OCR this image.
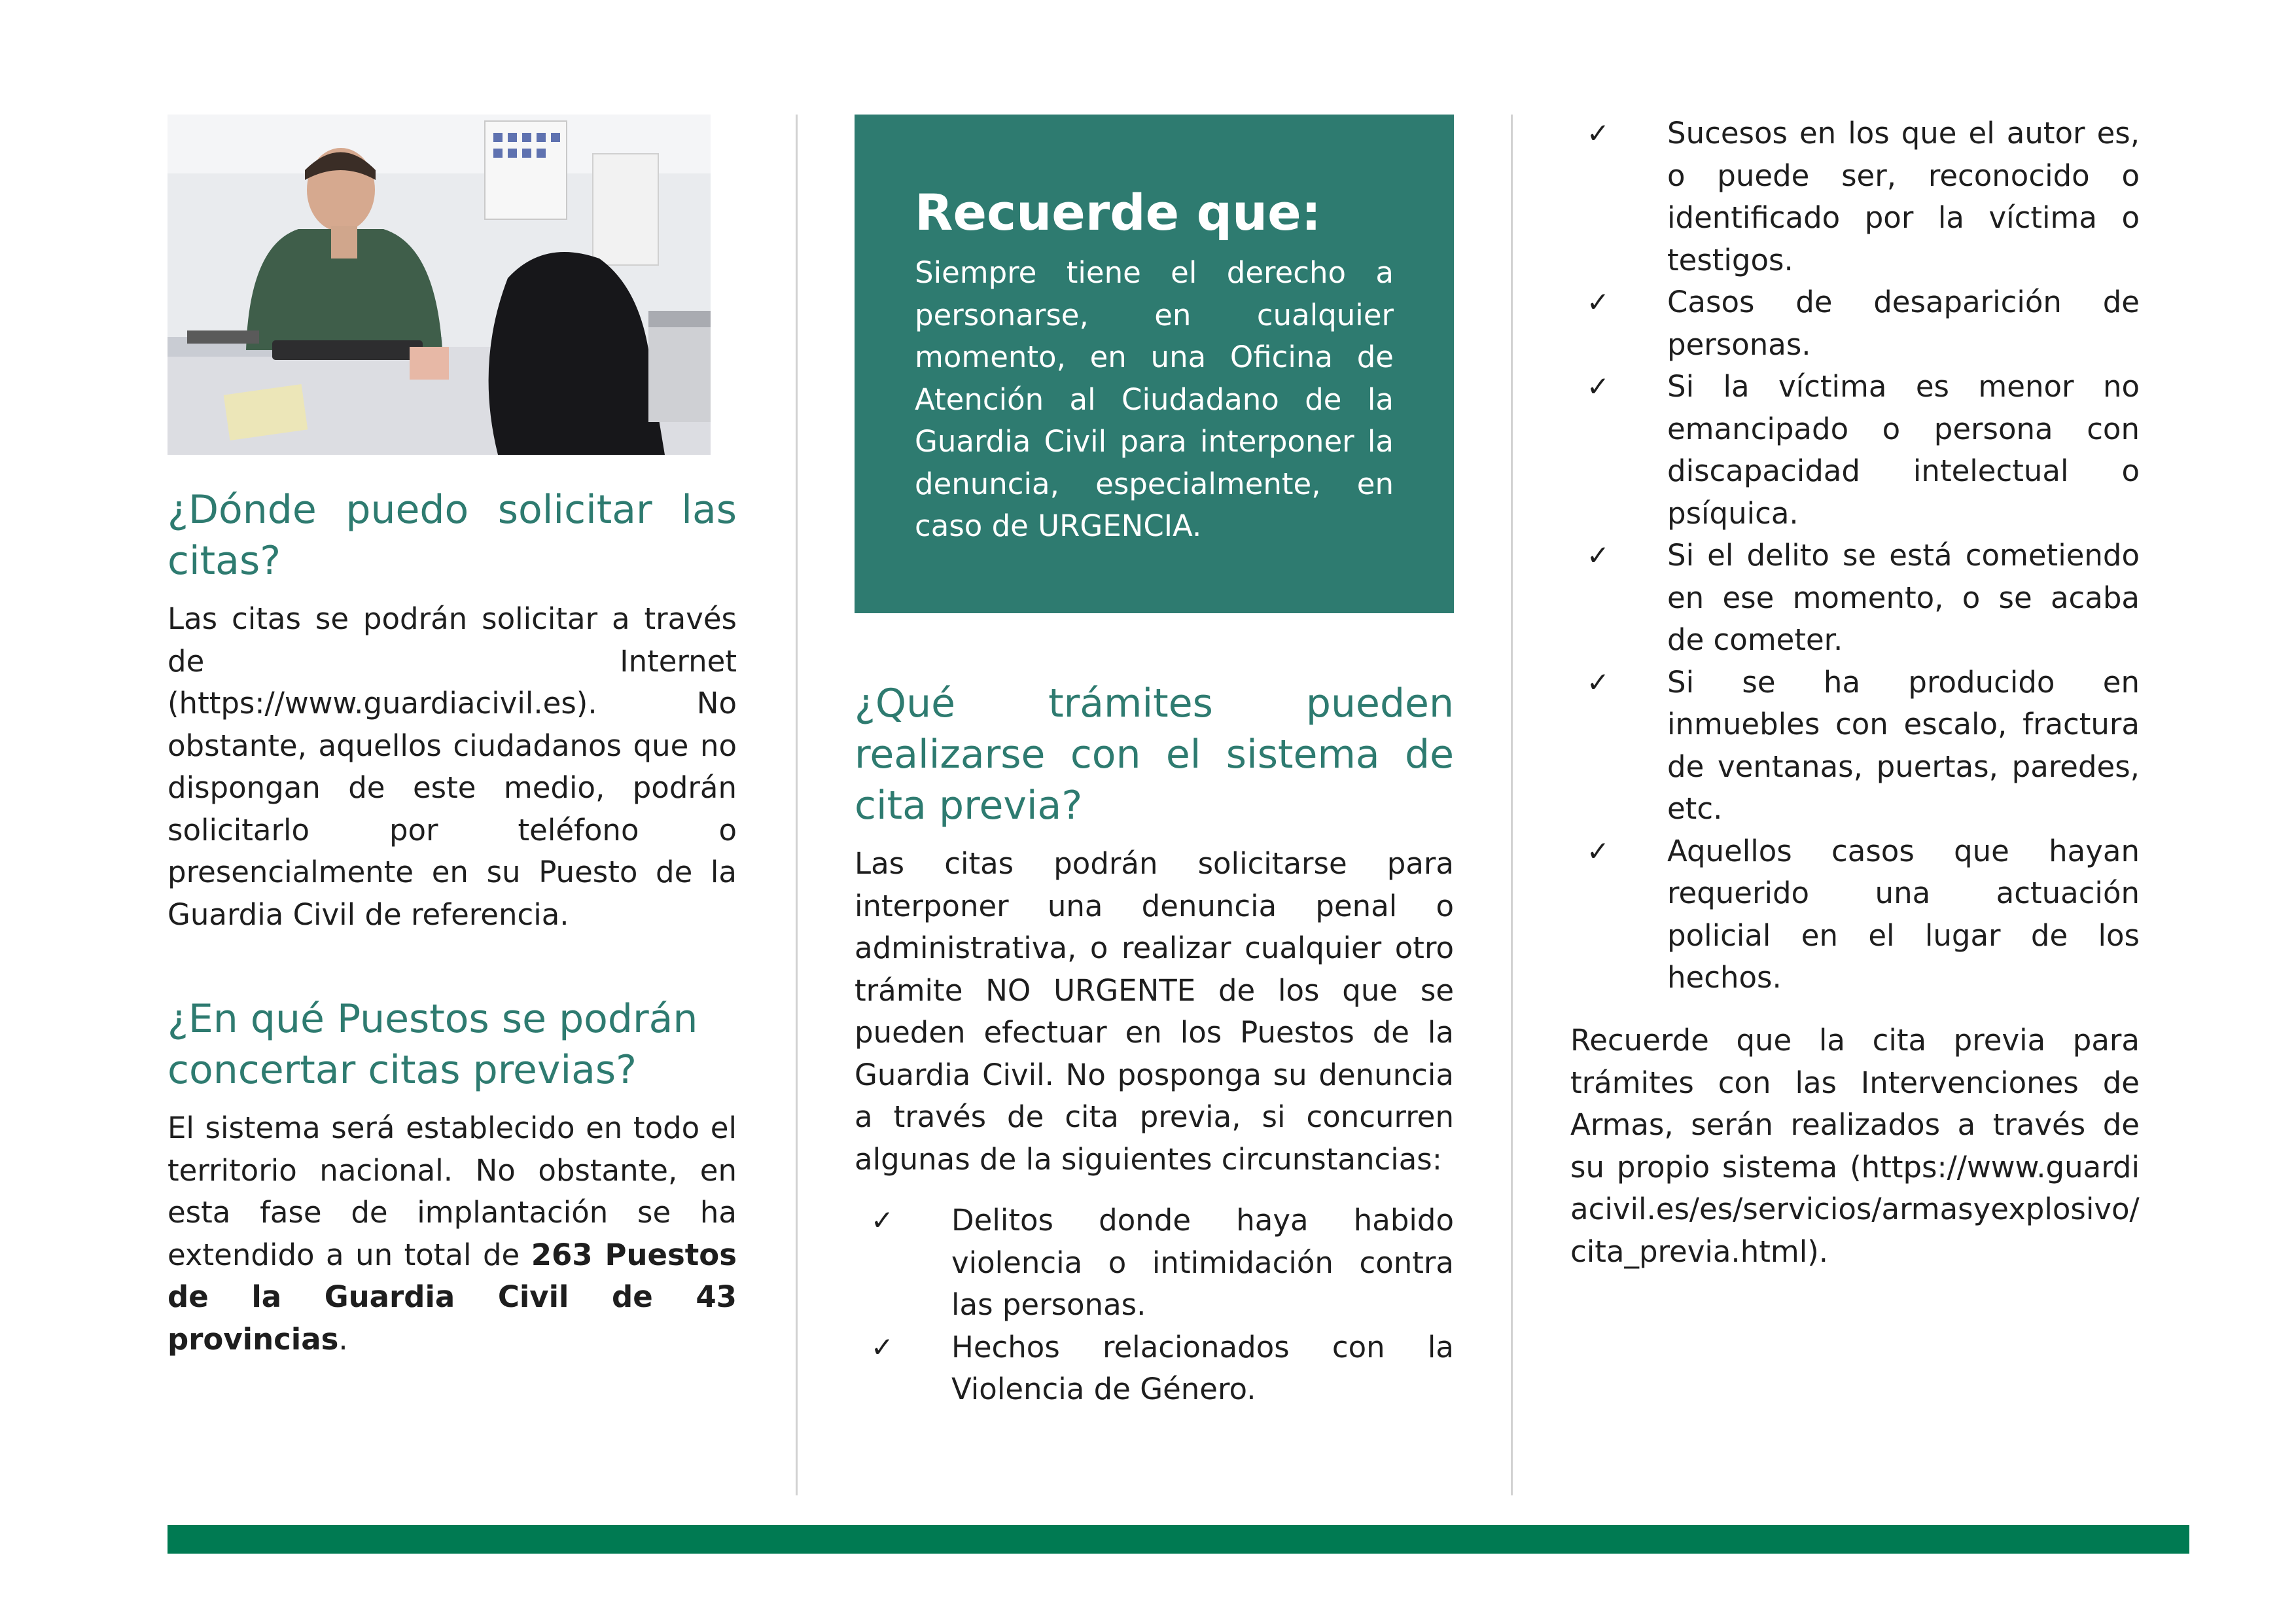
¿Dónde puedo solicitar las citas?

Las citas se podrán solicitar a través de Internet (https://www.guardiacivil.es). No obstante, aquellos ciudadanos que no dispongan de este medio, podrán solicitarlo por teléfono o presencialmente en su Puesto de la Guardia Civil de referencia.

¿En qué Puestos se podrán concertar citas previas?

El sistema será establecido en todo el territorio nacional. No obstante, en esta fase de implantación se ha extendido a un total de 263 Puestos de la Guardia Civil de 43 provincias.

Recuerde que:

Siempre tiene el derecho a personarse, en cualquier momento, en una Oficina de Atención al Ciudadano de la Guardia Civil para interponer la denuncia, especialmente, en caso de URGENCIA.

¿Qué trámites pueden realizarse con el sistema de cita previa?

Las citas podrán solicitarse para interponer una denuncia penal o administrativa, o realizar cualquier otro trámite NO URGENTE de los que se pueden efectuar en los Puestos de la Guardia Civil. No posponga su denuncia a través de cita previa, si concurren algunas de la siguientes circunstancias:

✓ Delitos donde haya habido violencia o intimidación contra las personas.
✓ Hechos relacionados con la Violencia de Género.
✓ Sucesos en los que el autor es, o puede ser, reconocido o identificado por la víctima o testigos.
✓ Casos de desaparición de personas.
✓ Si la víctima es menor no emancipado o persona con discapacidad intelectual o psíquica.
✓ Si el delito se está cometiendo en ese momento, o se acaba de cometer.
✓ Si se ha producido en inmuebles con escalo, fractura de ventanas, puertas, paredes, etc.
✓ Aquellos casos que hayan requerido una actuación policial en el lugar de los hechos.

Recuerde que la cita previa para trámites con las Intervenciones de Armas, serán realizados a través de su propio sistema (https://www.guardiacivil.es/es/servicios/armasyexplosivo/cita_previa.html).
